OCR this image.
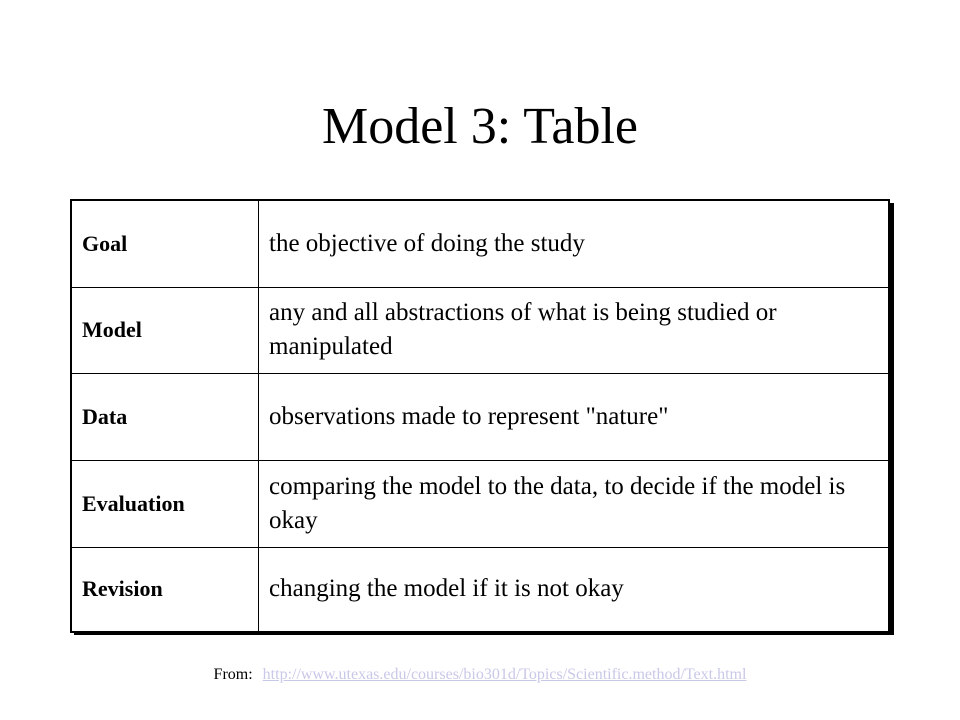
Model 3: Table
Goal	the objective of doing the study
Model	any and all abstractions of what is being studied or manipulated
Data	observations made to represent "nature"
Evaluation	comparing the model to the data, to decide if the model is okay
Revision	changing the model if it is not okay
From: http://www.utexas.edu/courses/bio301d/Topics/Scientific.method/Text.html
